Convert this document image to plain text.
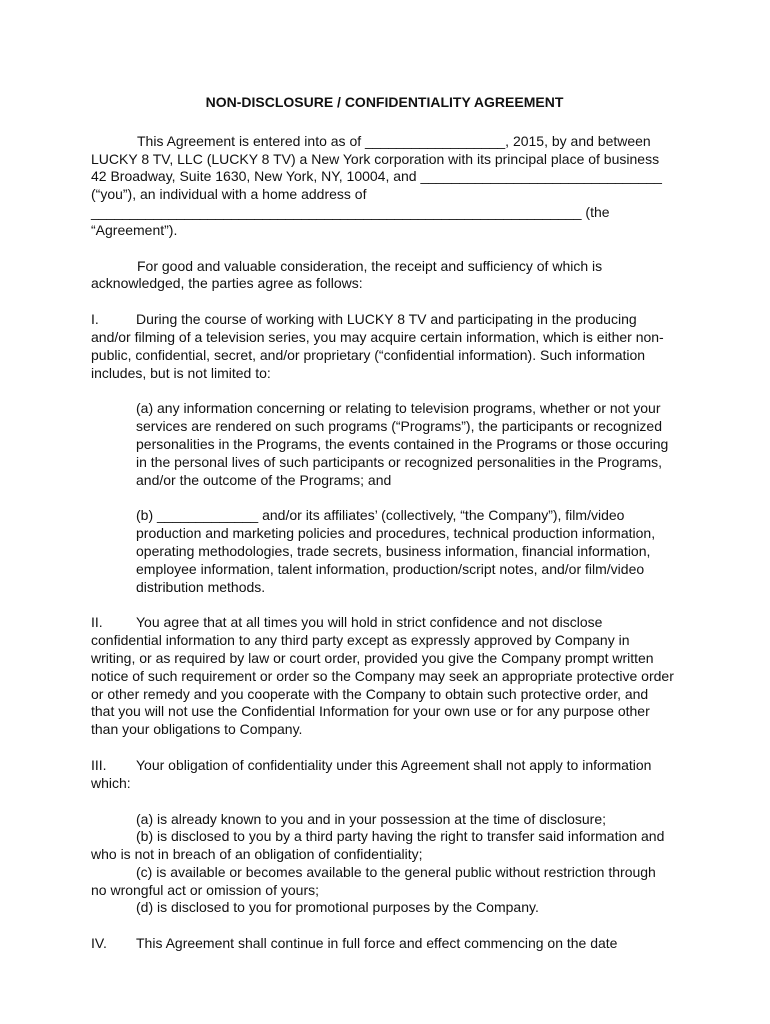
NON-DISCLOSURE / CONFIDENTIALITY AGREEMENT

This Agreement is entered into as of __________________, 2015, by and between LUCKY 8 TV, LLC (LUCKY 8 TV) a New York corporation with its principal place of business 42 Broadway, Suite 1630, New York, NY, 10004, and _______________________________ (“you”), an individual with a home address of _______________________________________________________________ (the “Agreement”).

For good and valuable consideration, the receipt and sufficiency of which is acknowledged, the parties agree as follows:

I.	During the course of working with LUCKY 8 TV and participating in the producing and/or filming of a television series, you may acquire certain information, which is either non-public, confidential, secret, and/or proprietary (“confidential information). Such information includes, but is not limited to:

(a) any information concerning or relating to television programs, whether or not your services are rendered on such programs (“Programs”), the participants or recognized personalities in the Programs, the events contained in the Programs or those occuring in the personal lives of such participants or recognized personalities in the Programs, and/or the outcome of the Programs; and

(b) _____________ and/or its affiliates’ (collectively, “the Company”), film/video production and marketing policies and procedures, technical production information, operating methodologies, trade secrets, business information, financial information, employee information, talent information, production/script notes, and/or film/video distribution methods.

II. You agree that at all times you will hold in strict confidence and not disclose confidential information to any third party except as expressly approved by Company in writing, or as required by law or court order, provided you give the Company prompt written notice of such requirement or order so the Company may seek an appropriate protective order or other remedy and you cooperate with the Company to obtain such protective order, and that you will not use the Confidential Information for your own use or for any purpose other than your obligations to Company.

III. Your obligation of confidentiality under this Agreement shall not apply to information which:

(a) is already known to you and in your possession at the time of disclosure;

(b) is disclosed to you by a third party having the right to transfer said information and who is not in breach of an obligation of confidentiality;

(c) is available or becomes available to the general public without restriction through no wrongful act or omission of yours;

(d) is disclosed to you for promotional purposes by the Company.

IV. This Agreement shall continue in full force and effect commencing on the date
